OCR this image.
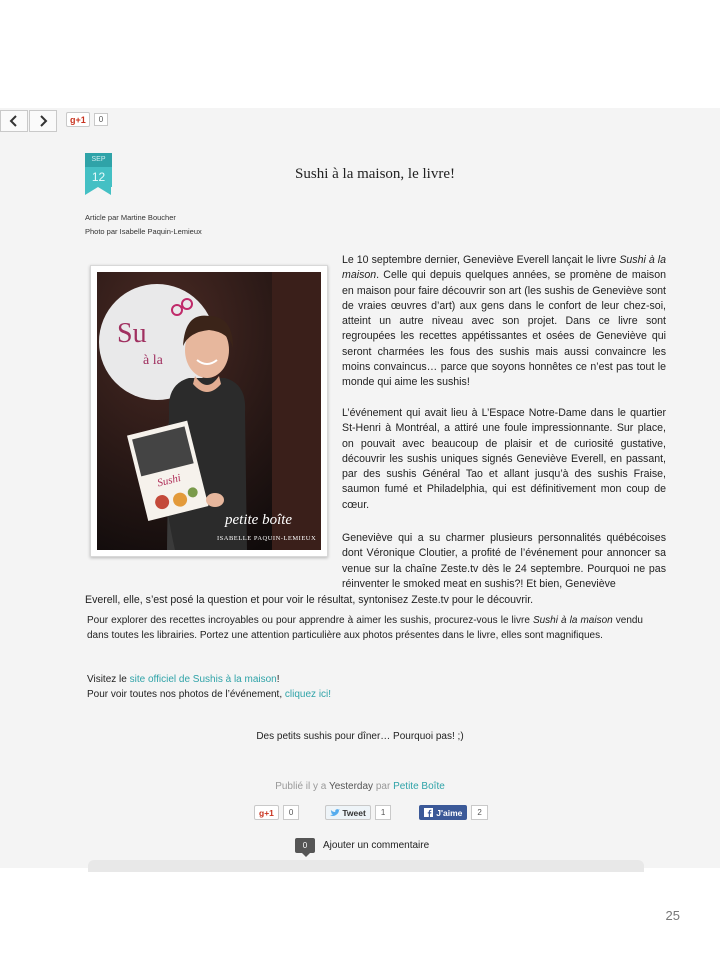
g+1	0
SEP
12	Sushi à la maison, le livre!
Article par Martine Boucher
Photo par Isabelle Paquin-Lemieux
Su
à la
Sushi
petite boîte
ISABELLE PAQUIN-LEMIEUX
Le 10 septembre dernier, Geneviève Everell lançait le livre Sushi à la maison. Celle qui depuis quelques années, se promène de maison en maison pour faire découvrir son art (les sushis de Geneviève sont de vraies œuvres d’art) aux gens dans le confort de leur chez-soi, atteint un autre niveau avec son projet. Dans ce livre sont regroupées les recettes appétissantes et osées de Geneviève qui seront charmées les fous des sushis mais aussi convaincre les moins convaincus… parce que soyons honnêtes ce n’est pas tout le monde qui aime les sushis!
L’événement qui avait lieu à L’Espace Notre-Dame dans le quartier St-Henri à Montréal, a attiré une foule impressionnante. Sur place, on pouvait avec beaucoup de plaisir et de curiosité gustative, découvrir les sushis uniques signés Geneviève Everell, en passant, par des sushis Général Tao et allant jusqu’à des sushis Fraise, saumon fumé et Philadelphia, qui est définitivement mon coup de cœur.
Geneviève qui a su charmer plusieurs personnalités québécoises dont Véronique Cloutier, a profité de l’événement pour annoncer sa venue sur la chaîne Zeste.tv dès le 24 septembre. Pourquoi ne pas réinventer le smoked meat en sushis?! Et bien, Geneviève
Everell, elle, s’est posé la question et pour voir le résultat, syntonisez Zeste.tv pour le découvrir.
Pour explorer des recettes incroyables ou pour apprendre à aimer les sushis, procurez-vous le livre Sushi à la maison vendu dans toutes les librairies. Portez une attention particulière aux photos présentes dans le livre, elles sont magnifiques.
Visitez le site officiel de Sushis à la maison!
Pour voir toutes nos photos de l’événement, cliquez ici!
Des petits sushis pour dîner… Pourquoi pas! ;)
Publié il y a Yesterday par Petite Boîte
g+1	0	Tweet	1	J'aime	2
0	Ajouter un commentaire
25
